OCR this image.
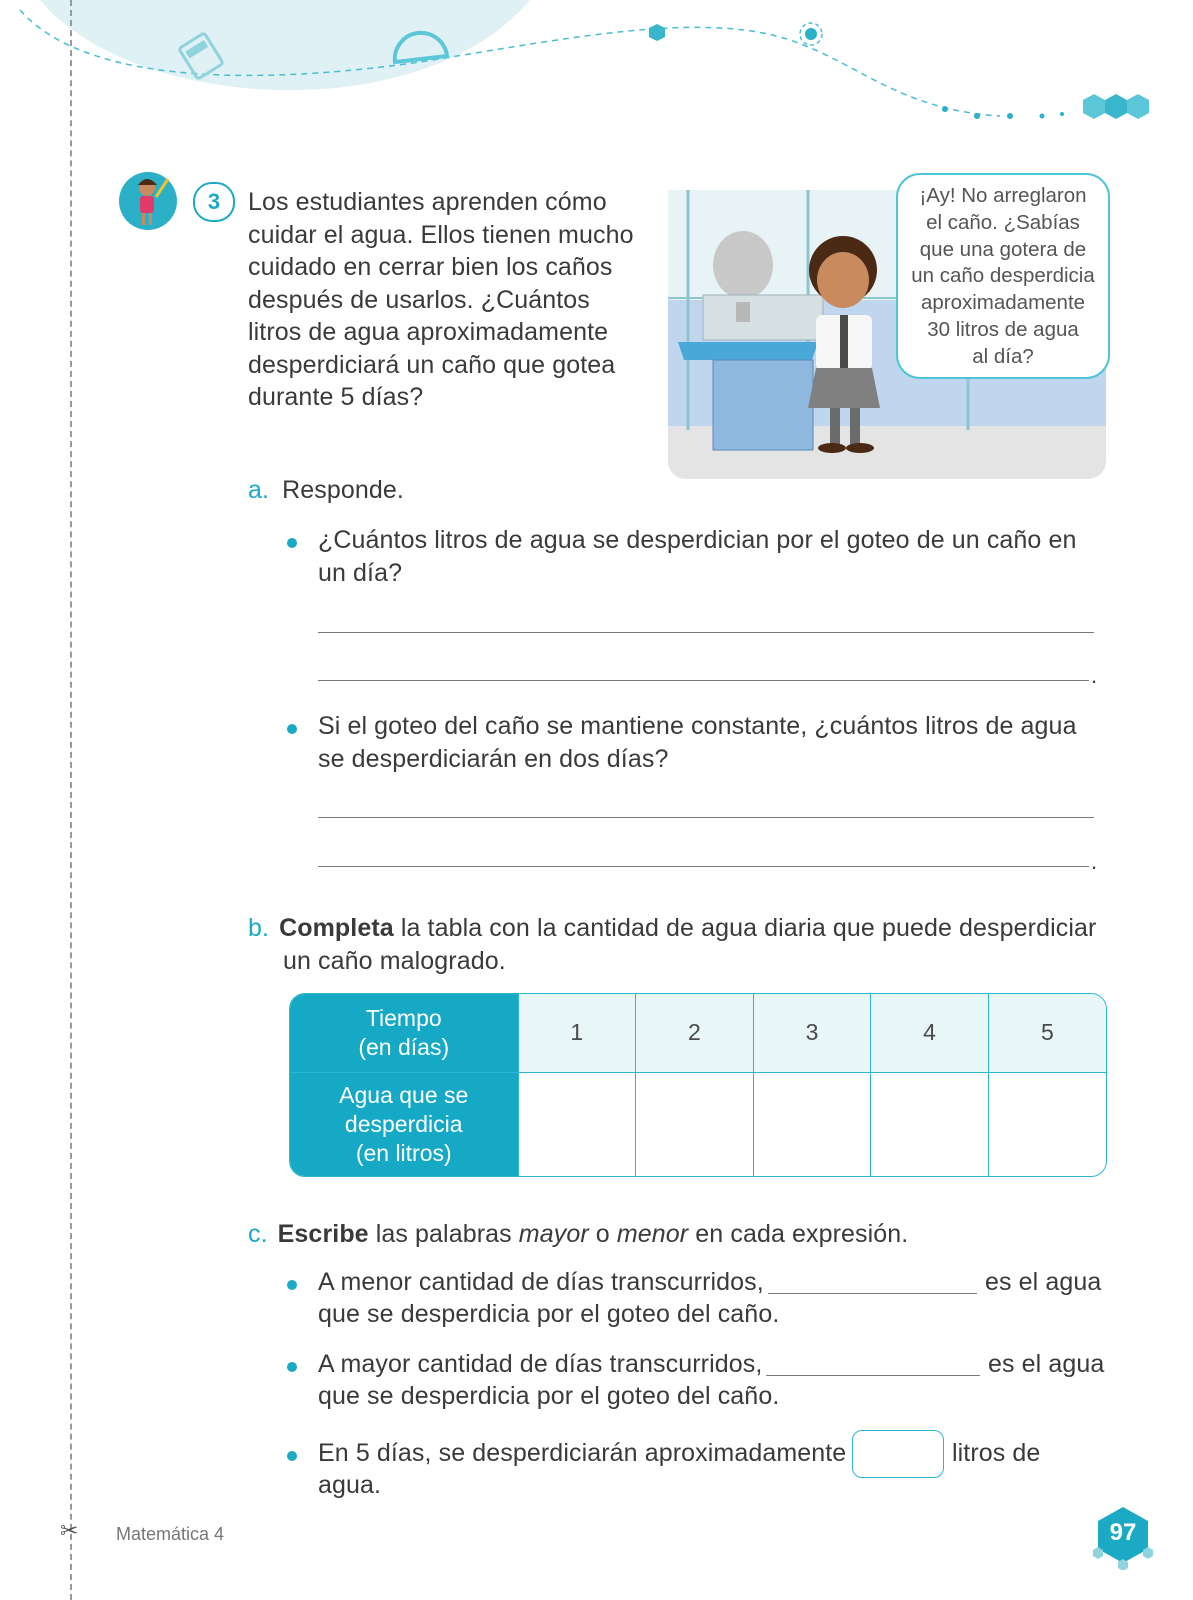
✂
3	Los estudiantes aprenden cómo
cuidar el agua. Ellos tienen mucho
cuidado en cerrar bien los caños
después de usarlos. ¿Cuántos
litros de agua aproximadamente
desperdiciará un caño que gotea
durante 5 días?
¡Ay! No arreglaron
el caño. ¿Sabías
que una gotera de
un caño desperdicia
aproximadamente
30 litros de agua
al día?
a. Responde.
¿Cuántos litros de agua se desperdician por el goteo de un caño en
un día?
.
Si el goteo del caño se mantiene constante, ¿cuántos litros de agua
se desperdiciarán en dos días?
.
b. Completa la tabla con la cantidad de agua diaria que puede desperdiciar
un caño malogrado.
Tiempo
(en días)	1	2	3	4	5

Agua que se
desperdicia
(en litros)					

c. Escribe las palabras mayor o menor en cada expresión.
A menor cantidad de días transcurridos,	es el agua
que se desperdicia por el goteo del caño.
A mayor cantidad de días transcurridos,	es el agua
que se desperdicia por el goteo del caño.
En 5 días, se desperdiciarán aproximadamente	litros de
agua.
Matemática 4	97
